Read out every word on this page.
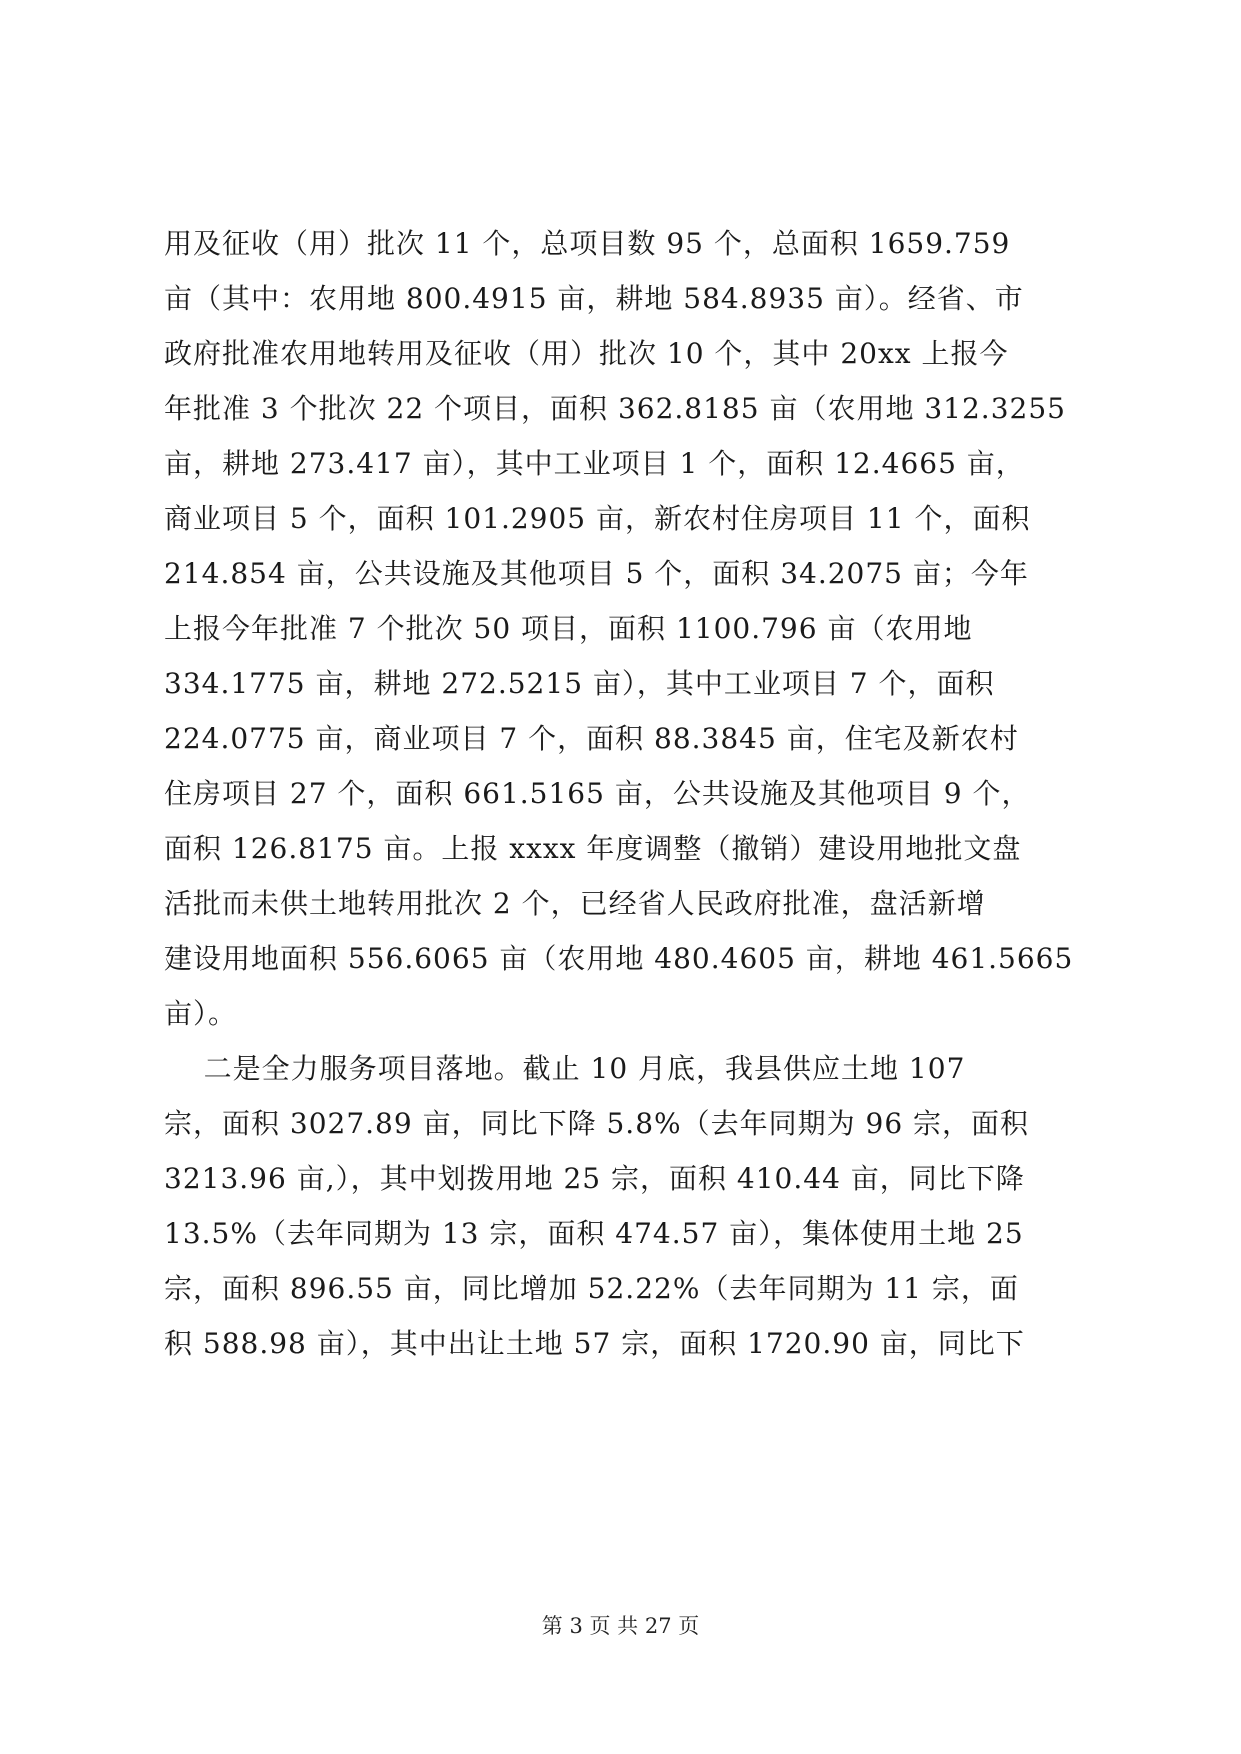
用及征收（用）批次 11 个，总项目数 95 个，总面积 1659.759
亩（其中：农用地 800.4915 亩，耕地 584.8935 亩）。经省、市
政府批准农用地转用及征收（用）批次 10 个，其中 20xx 上报今
年批准 3 个批次 22 个项目，面积 362.8185 亩（农用地 312.3255
亩，耕地 273.417 亩），其中工业项目 1 个，面积 12.4665 亩，
商业项目 5 个，面积 101.2905 亩，新农村住房项目 11 个，面积
214.854 亩，公共设施及其他项目 5 个，面积 34.2075 亩；今年
上报今年批准 7 个批次 50 项目，面积 1100.796 亩（农用地
334.1775 亩，耕地 272.5215 亩），其中工业项目 7 个，面积
224.0775 亩，商业项目 7 个，面积 88.3845 亩，住宅及新农村
住房项目 27 个，面积 661.5165 亩，公共设施及其他项目 9 个，
面积 126.8175 亩。上报 xxxx 年度调整（撤销）建设用地批文盘
活批而未供土地转用批次 2 个，已经省人民政府批准，盘活新增
建设用地面积 556.6065 亩（农用地 480.4605 亩，耕地 461.5665
亩）。
二是全力服务项目落地。截止 10 月底，我县供应土地 107
宗，面积 3027.89 亩，同比下降 5.8%（去年同期为 96 宗，面积
3213.96 亩,），其中划拨用地 25 宗，面积 410.44 亩，同比下降
13.5%（去年同期为 13 宗，面积 474.57 亩），集体使用土地 25
宗，面积 896.55 亩，同比增加 52.22%（去年同期为 11 宗，面
积 588.98 亩），其中出让土地 57 宗，面积 1720.90 亩，同比下
第 3 页 共 27 页
